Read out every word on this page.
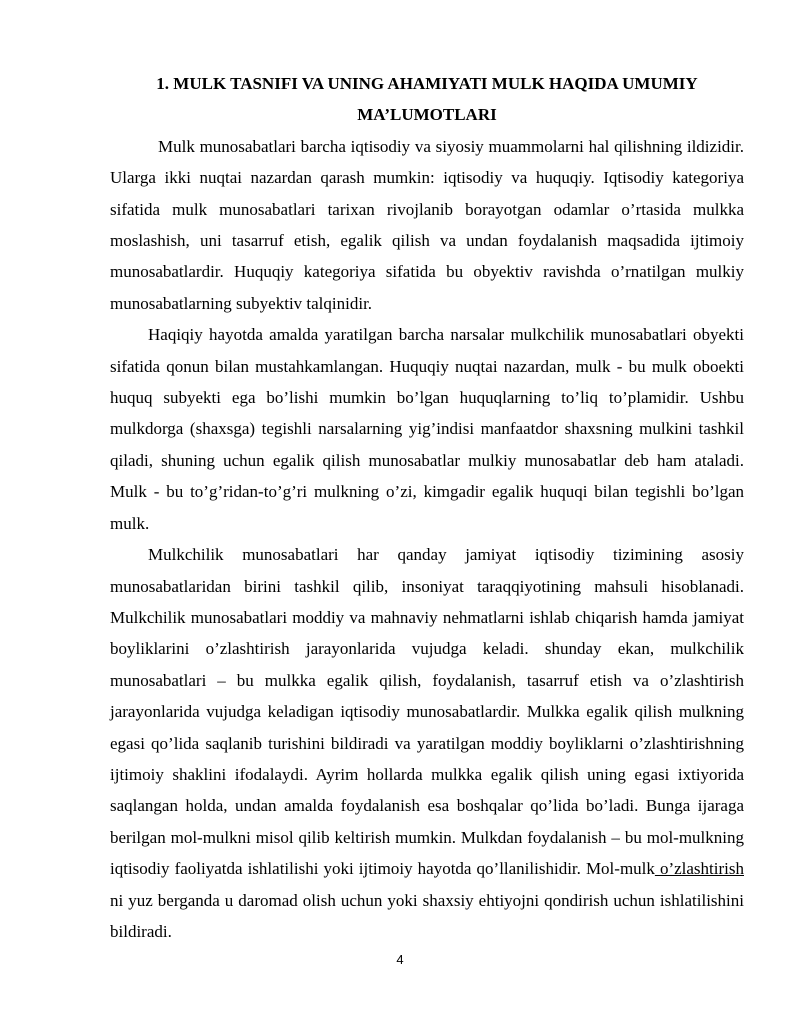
1. MULK TASNIFI VA UNING AHAMIYATI MULK HAQIDA UMUMIY MA’LUMOTLARI

Mulk munosabatlari barcha iqtisodiy va siyosiy muammolarni hal qilishning ildizidir. Ularga ikki nuqtai nazardan qarash mumkin: iqtisodiy va huquqiy. Iqtisodiy kategoriya sifatida mulk munosabatlari tarixan rivojlanib borayotgan odamlar o’rtasida mulkka moslashish, uni tasarruf etish, egalik qilish va undan foydalanish maqsadida ijtimoiy munosabatlardir. Huquqiy kategoriya sifatida bu obyektiv ravishda o’rnatilgan mulkiy munosabatlarning subyektiv talqinidir.

Haqiqiy hayotda amalda yaratilgan barcha narsalar mulkchilik munosabatlari obyekti sifatida qonun bilan mustahkamlangan. Huquqiy nuqtai nazardan, mulk - bu mulk oboekti huquq subyekti ega bo’lishi mumkin bo’lgan huquqlarning to’liq to’plamidir. Ushbu mulkdorga (shaxsga) tegishli narsalarning yig’indisi manfaatdor shaxsning mulkini tashkil qiladi, shuning uchun egalik qilish munosabatlar mulkiy munosabatlar deb ham ataladi. Mulk - bu to’g’ridan-to’g’ri mulkning o’zi, kimgadir egalik huquqi bilan tegishli bo’lgan mulk.

Mulkchilik munosabatlari har qanday jamiyat iqtisodiy tizimining asosiy munosabatlaridan birini tashkil qilib, insoniyat taraqqiyotining mahsuli hisoblanadi. Mulkchilik munosabatlari moddiy va mahnaviy nehmatlarni ishlab chiqarish hamda jamiyat boyliklarini o’zlashtirish jarayonlarida vujudga keladi. shunday ekan, mulkchilik munosabatlari – bu mulkka egalik qilish, foydalanish, tasarruf etish va o’zlashtirish jarayonlarida vujudga keladigan iqtisodiy munosabatlardir. Mulkka egalik qilish mulkning egasi qo’lida saqlanib turishini bildiradi va yaratilgan moddiy boyliklarni o’zlashtirishning ijtimoiy shaklini ifodalaydi. Ayrim hollarda mulkka egalik qilish uning egasi ixtiyorida saqlangan holda, undan amalda foydalanish esa boshqalar qo’lida bo’ladi. Bunga ijaraga berilgan mol-mulkni misol qilib keltirish mumkin. Mulkdan foydalanish – bu mol-mulkning iqtisodiy faoliyatda ishlatilishi yoki ijtimoiy hayotda qo’llanilishidir. Mol-mulk o’zlashtirish ni yuz berganda u daromad olish uchun yoki shaxsiy ehtiyojni qondirish uchun ishlatilishini bildiradi.

4
